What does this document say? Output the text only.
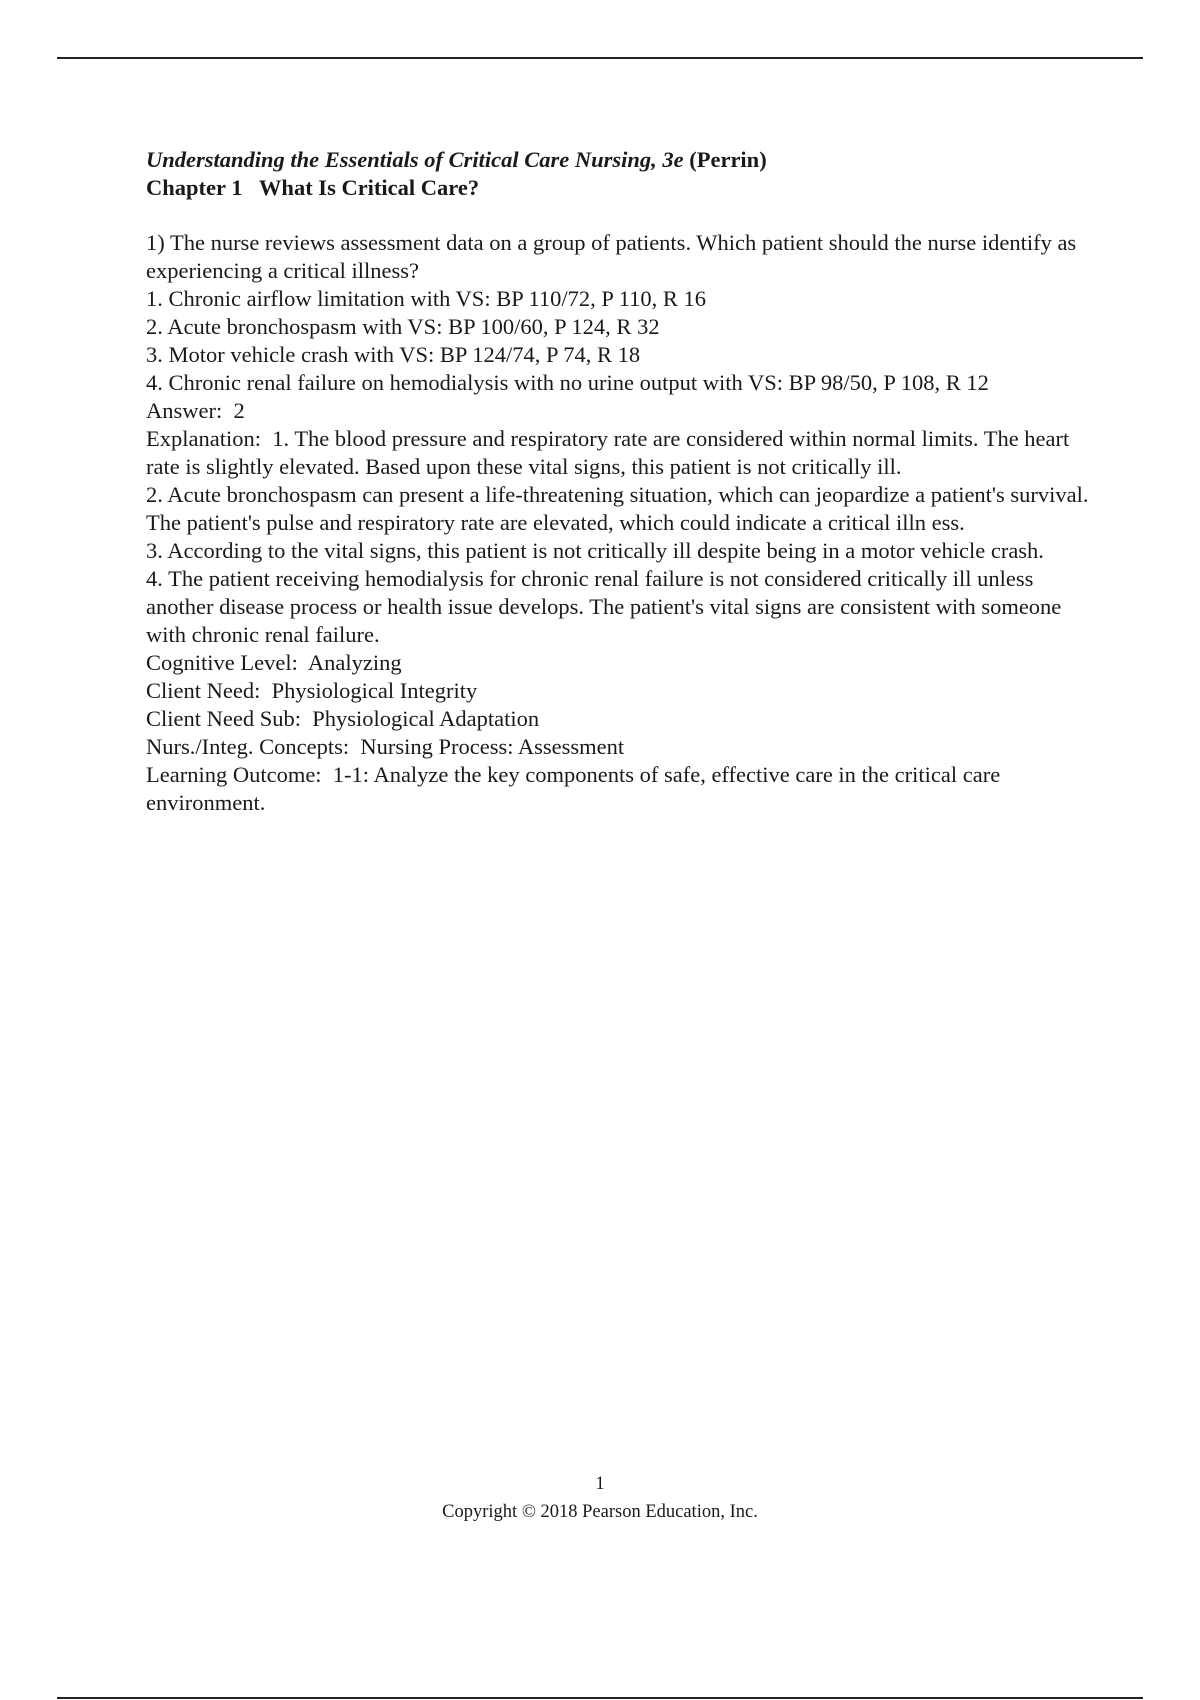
Understanding the Essentials of Critical Care Nursing, 3e (Perrin)

Chapter 1   What Is Critical Care?

1) The nurse reviews assessment data on a group of patients. Which patient should the nurse identify as experiencing a critical illness?

1. Chronic airflow limitation with VS: BP 110/72, P 110, R 16

2. Acute bronchospasm with VS: BP 100/60, P 124, R 32

3. Motor vehicle crash with VS: BP 124/74, P 74, R 18

4. Chronic renal failure on hemodialysis with no urine output with VS: BP 98/50, P 108, R 12

Answer:  2

Explanation:  1. The blood pressure and respiratory rate are considered within normal limits. The heart rate is slightly elevated. Based upon these vital signs, this patient is not critically ill.

2. Acute bronchospasm can present a life-threatening situation, which can jeopardize a patient's survival. The patient's pulse and respiratory rate are elevated, which could indicate a critical illn ess.

3. According to the vital signs, this patient is not critically ill despite being in a motor vehicle crash.

4. The patient receiving hemodialysis for chronic renal failure is not considered critically ill unless another disease process or health issue develops. The patient's vital signs are consistent with someone with chronic renal failure.

Cognitive Level:  Analyzing

Client Need:  Physiological Integrity

Client Need Sub:  Physiological Adaptation

Nurs./Integ. Concepts:  Nursing Process: Assessment

Learning Outcome:  1-1: Analyze the key components of safe, effective care in the critical care environment.

1
Copyright © 2018 Pearson Education, Inc.
